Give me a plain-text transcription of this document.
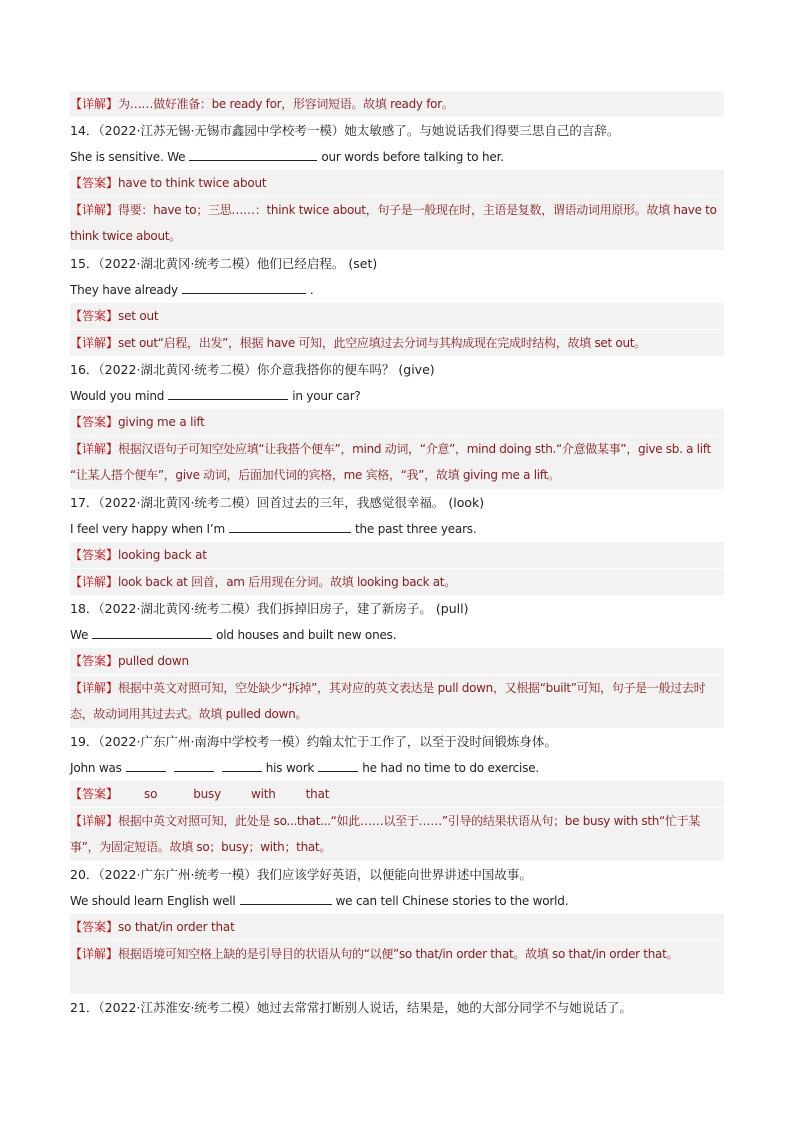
【详解】为……做好准备：be ready for，形容词短语。故填 ready for。
14．（2022·江苏无锡·无锡市鑫园中学校考一模）她太敏感了。与她说话我们得要三思自己的言辞。
She is sensitive. We	our words before talking to her.
【答案】have to think twice about
【详解】得要：have to；三思……：think twice about，句子是一般现在时，主语是复数，谓语动词用原形。故填 have to think twice about。
15．（2022·湖北黄冈·统考二模）他们已经启程。 (set)
They have already	.
【答案】set out
【详解】set out“启程，出发”，根据 have 可知，此空应填过去分词与其构成现在完成时结构，故填 set out。
16．（2022·湖北黄冈·统考二模）你介意我搭你的便车吗？ (give)
Would you mind	in your car?
【答案】giving me a lift
【详解】根据汉语句子可知空处应填“让我搭个便车”，mind 动词，“介意”，mind doing sth.“介意做某事”，give sb. a lift “让某人搭个便车”，give 动词，后面加代词的宾格，me 宾格，“我”，故填 giving me a lift。
17．（2022·湖北黄冈·统考二模）回首过去的三年，我感觉很幸福。 (look)
I feel very happy when I’m	the past three years.
【答案】looking back at
【详解】look back at 回首，am 后用现在分词。故填 looking back at。
18．（2022·湖北黄冈·统考二模）我们拆掉旧房子，建了新房子。 (pull)
We	old houses and built new ones.
【答案】pulled down
【详解】根据中英文对照可知，空处缺少“拆掉”，其对应的英文表达是 pull down，又根据“built”可知，句子是一般过去时态，故动词用其过去式。故填 pulled down。
19．（2022·广东广州·南海中学校考一模）约翰太忙于工作了，以至于没时间锻炼身体。
John was	his work	he had no time to do exercise.
【答案】 so	busy	with	that
【详解】根据中英文对照可知，此处是 so...that...“如此……以至于……”引导的结果状语从句；be busy with sth“忙于某事”，为固定短语。故填 so；busy；with；that。
20．（2022·广东广州·统考一模）我们应该学好英语，以便能向世界讲述中国故事。
We should learn English well	we can tell Chinese stories to the world.
【答案】so that/in order that
【详解】根据语境可知空格上缺的是引导目的状语从句的“以便”so that/in order that。故填 so that/in order that。
21．（2022·江苏淮安·统考二模）她过去常常打断别人说话，结果是，她的大部分同学不与她说话了。
